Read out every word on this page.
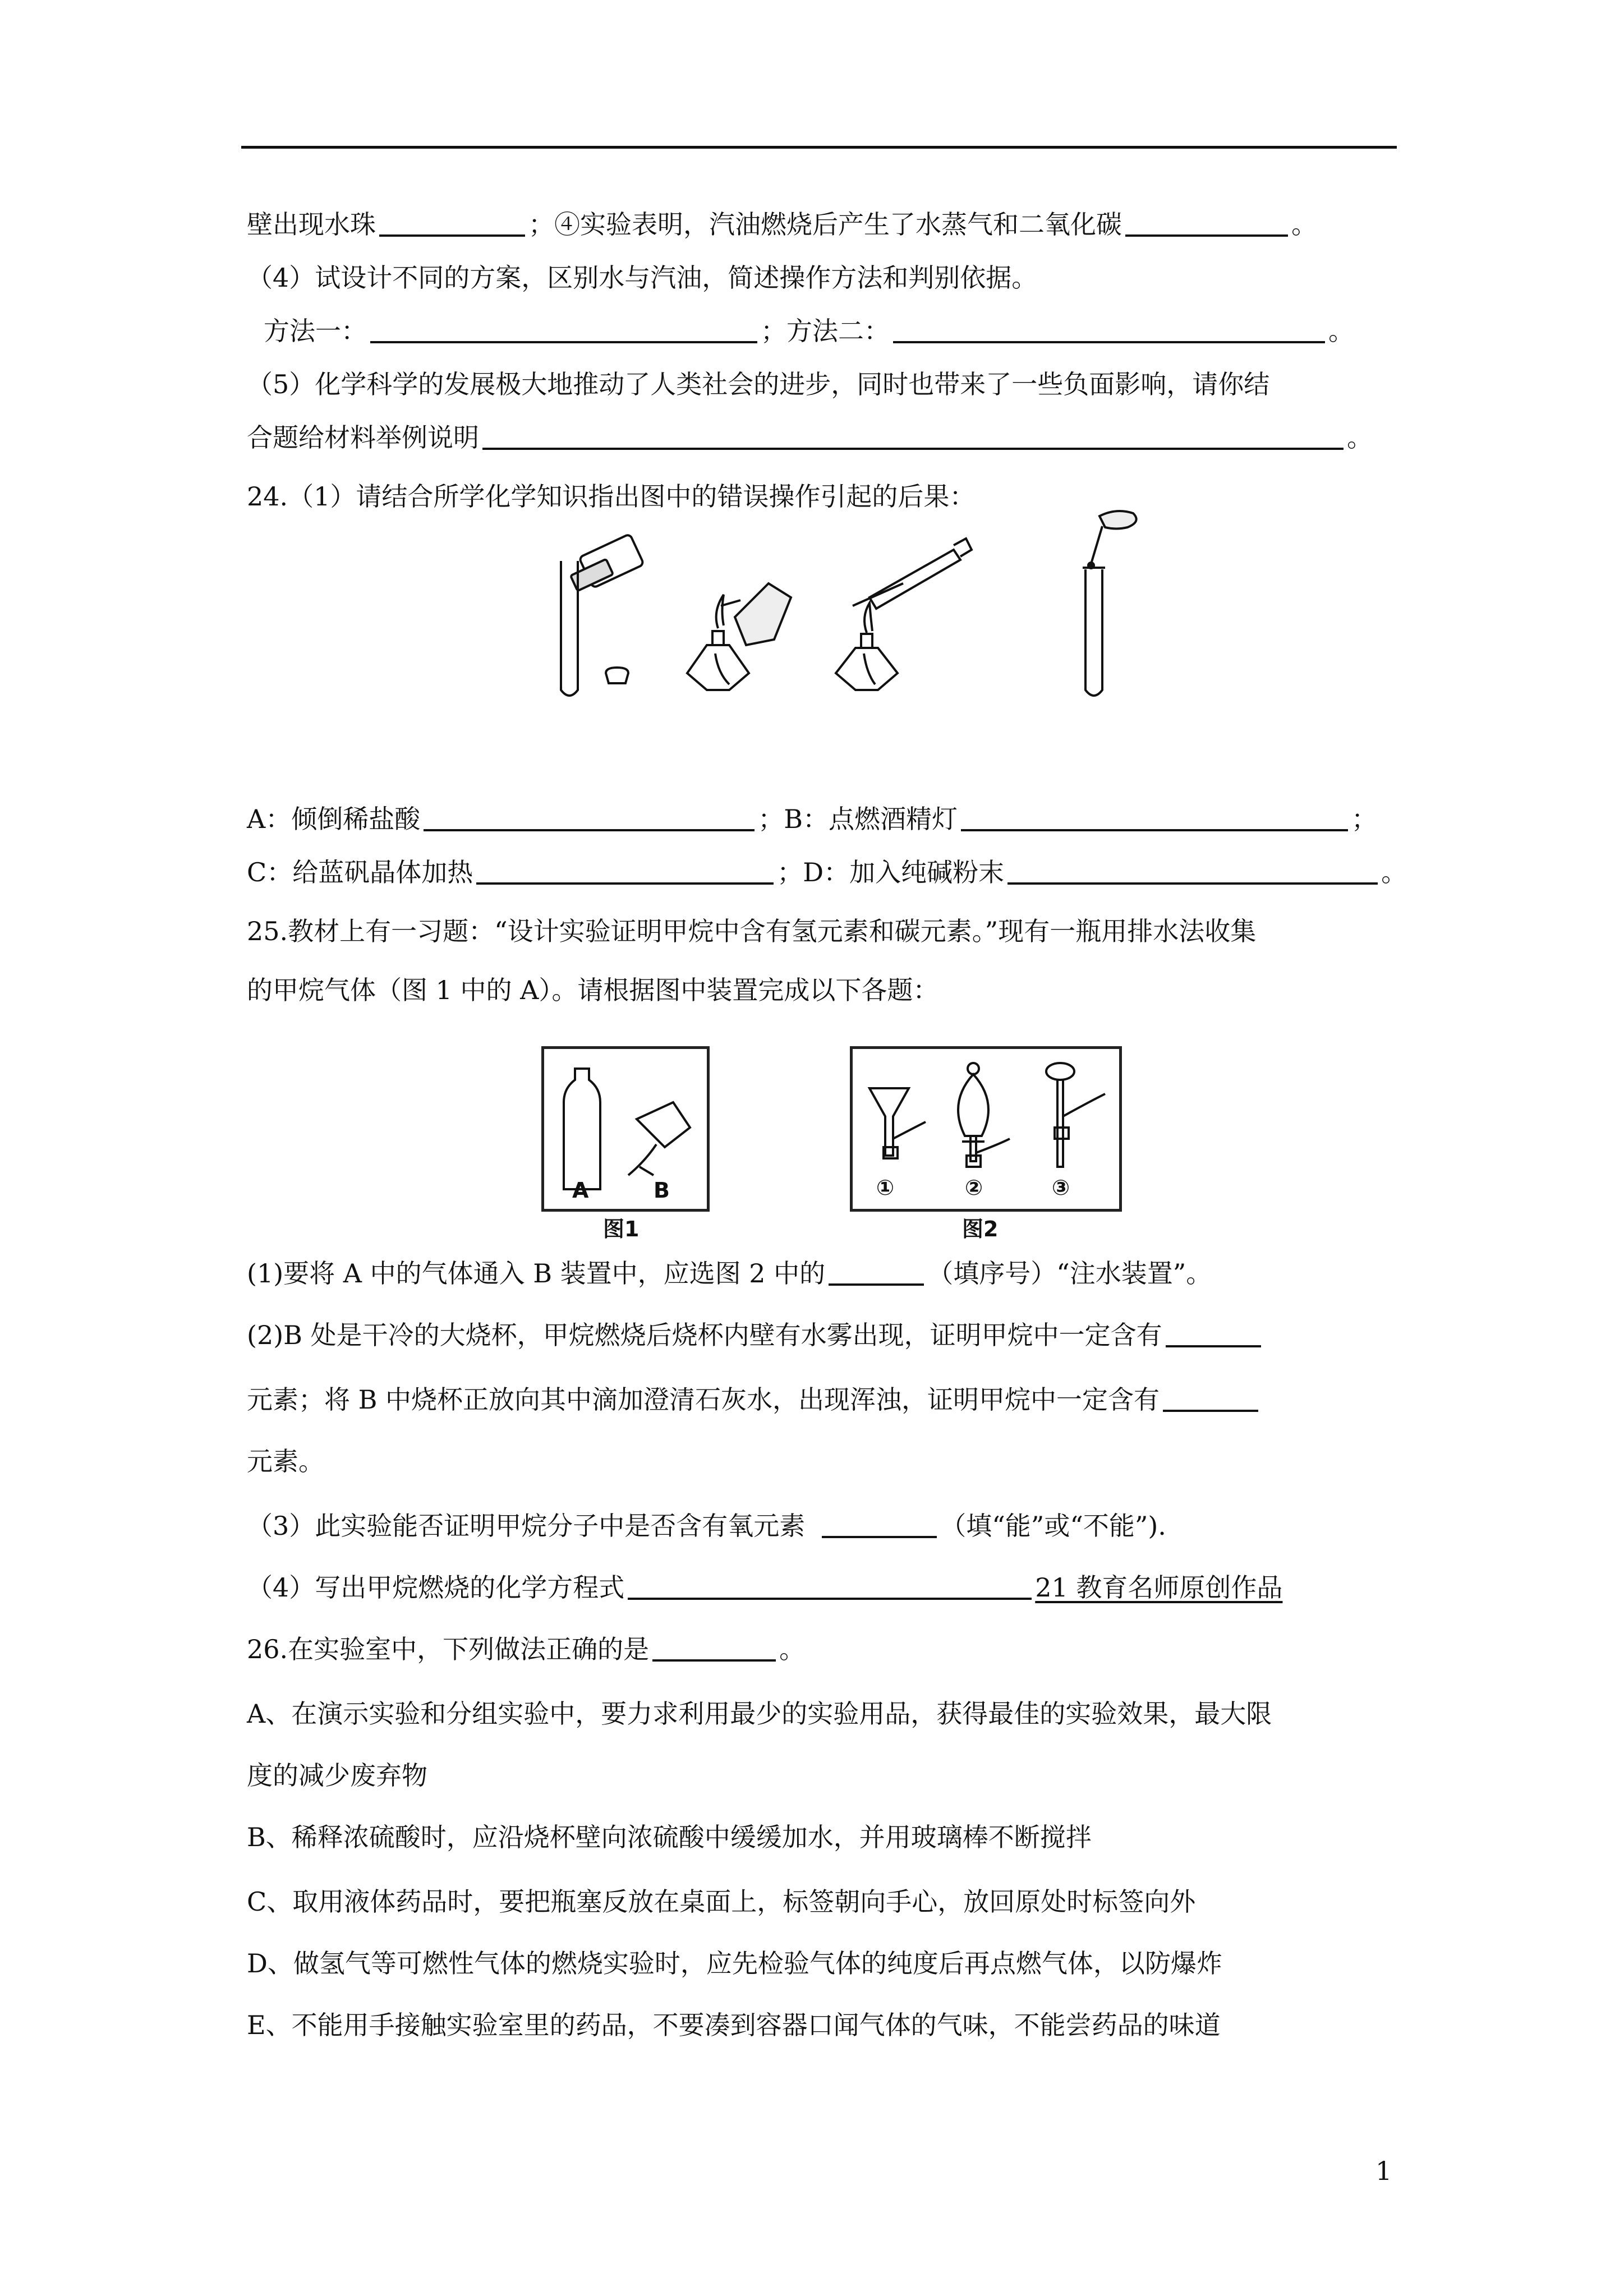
壁出现水珠	；④实验表明，汽油燃烧后产生了水蒸气和二氧化碳	。
（4）试设计不同的方案，区别水与汽油，简述操作方法和判别依据。
方法一：	；方法二：	。
（5）化学科学的发展极大地推动了人类社会的进步，同时也带来了一些负面影响，请你结
合题给材料举例说明	。
24.（1）请结合所学化学知识指出图中的错误操作引起的后果：
A：倾倒稀盐酸	；B：点燃酒精灯	；
C：给蓝矾晶体加热	；D：加入纯碱粉末	。
25.教材上有一习题：“设计实验证明甲烷中含有氢元素和碳元素。”现有一瓶用排水法收集
的甲烷气体（图 1 中的 A）。请根据图中装置完成以下各题：
A	B
图1
①	②	③
图2
(1)要将 A 中的气体通入 B 装置中，应选图 2 中的	（填序号）“注水装置”。
(2)B 处是干冷的大烧杯，甲烷燃烧后烧杯内壁有水雾出现，证明甲烷中一定含有
元素；将 B 中烧杯正放向其中滴加澄清石灰水，出现浑浊，证明甲烷中一定含有
元素。
（3）此实验能否证明甲烷分子中是否含有氧元素	（填“能”或“不能”).
（4）写出甲烷燃烧的化学方程式	21 教育名师原创作品
26.在实验室中，下列做法正确的是	。
A、在演示实验和分组实验中，要力求利用最少的实验用品，获得最佳的实验效果，最大限
度的减少废弃物
B、稀释浓硫酸时，应沿烧杯壁向浓硫酸中缓缓加水，并用玻璃棒不断搅拌
C、取用液体药品时，要把瓶塞反放在桌面上，标签朝向手心，放回原处时标签向外
D、做氢气等可燃性气体的燃烧实验时，应先检验气体的纯度后再点燃气体，以防爆炸
E、不能用手接触实验室里的药品，不要凑到容器口闻气体的气味，不能尝药品的味道
1
